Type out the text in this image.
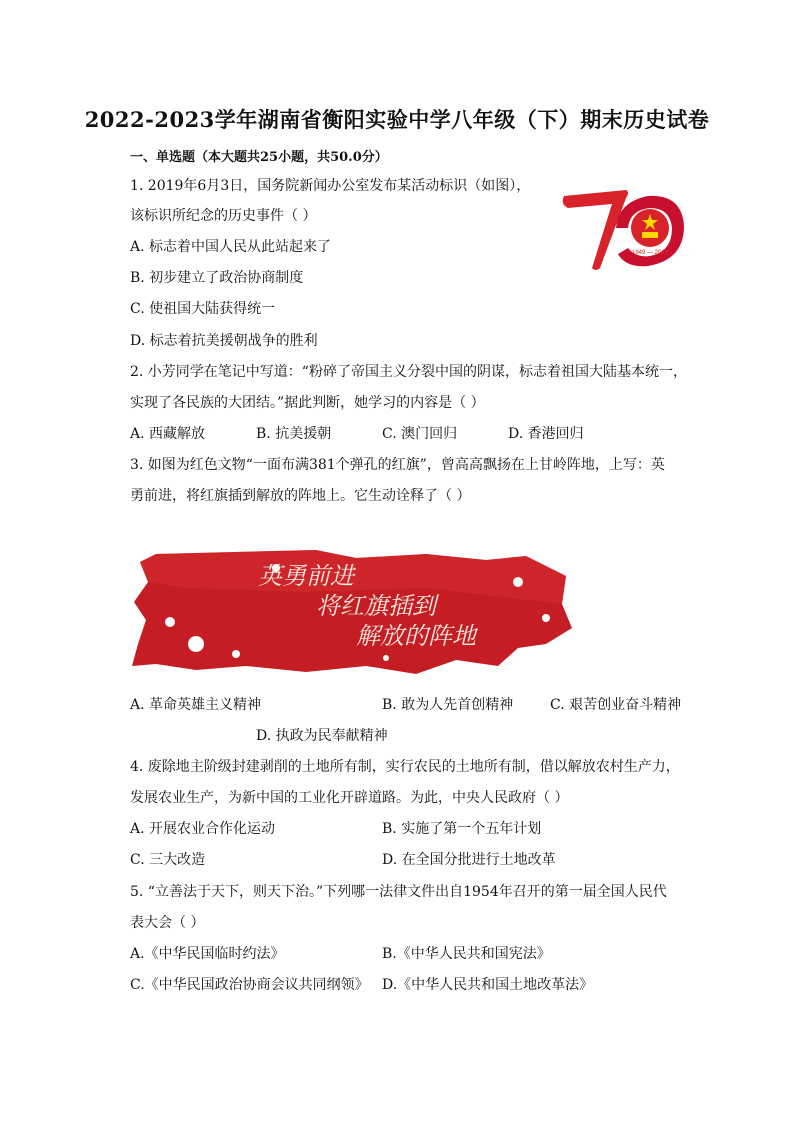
2022-2023学年湖南省衡阳实验中学八年级（下）期末历史试卷
一、单选题（本大题共25小题，共50.0分）
1. 2019年6月3日，国务院新闻办公室发布某活动标识（如图），
该标识所纪念的历史事件（ ）
A. 标志着中国人民从此站起来了
B. 初步建立了政治协商制度
C. 使祖国大陆获得统一
D. 标志着抗美援朝战争的胜利
1949 — 2019
2. 小芳同学在笔记中写道：“粉碎了帝国主义分裂中国的阴谋，标志着祖国大陆基本统一，
实现了各民族的大团结。”据此判断，她学习的内容是（ ）
A. 西藏解放	B. 抗美援朝	C. 澳门回归	D. 香港回归
3. 如图为红色文物“一面布满381个弹孔的红旗”，曾高高飘扬在上甘岭阵地，上写：英
勇前进，将红旗插到解放的阵地上。它生动诠释了（ ）
英勇前进
将红旗插到
解放的阵地
A. 革命英雄主义精神	B. 敢为人先首创精神	C. 艰苦创业奋斗精神
D. 执政为民奉献精神
4. 废除地主阶级封建剥削的土地所有制，实行农民的土地所有制，借以解放农村生产力，
发展农业生产，为新中国的工业化开辟道路。为此，中央人民政府（ ）
A. 开展农业合作化运动	B. 实施了第一个五年计划
C. 三大改造	D. 在全国分批进行土地改革
5. “立善法于天下，则天下治。”下列哪一法律文件出自1954年召开的第一届全国人民代
表大会（ ）
A.《中华民国临时约法》	B.《中华人民共和国宪法》
C.《中华民国政治协商会议共同纲领》 D.《中华人民共和国土地改革法》
